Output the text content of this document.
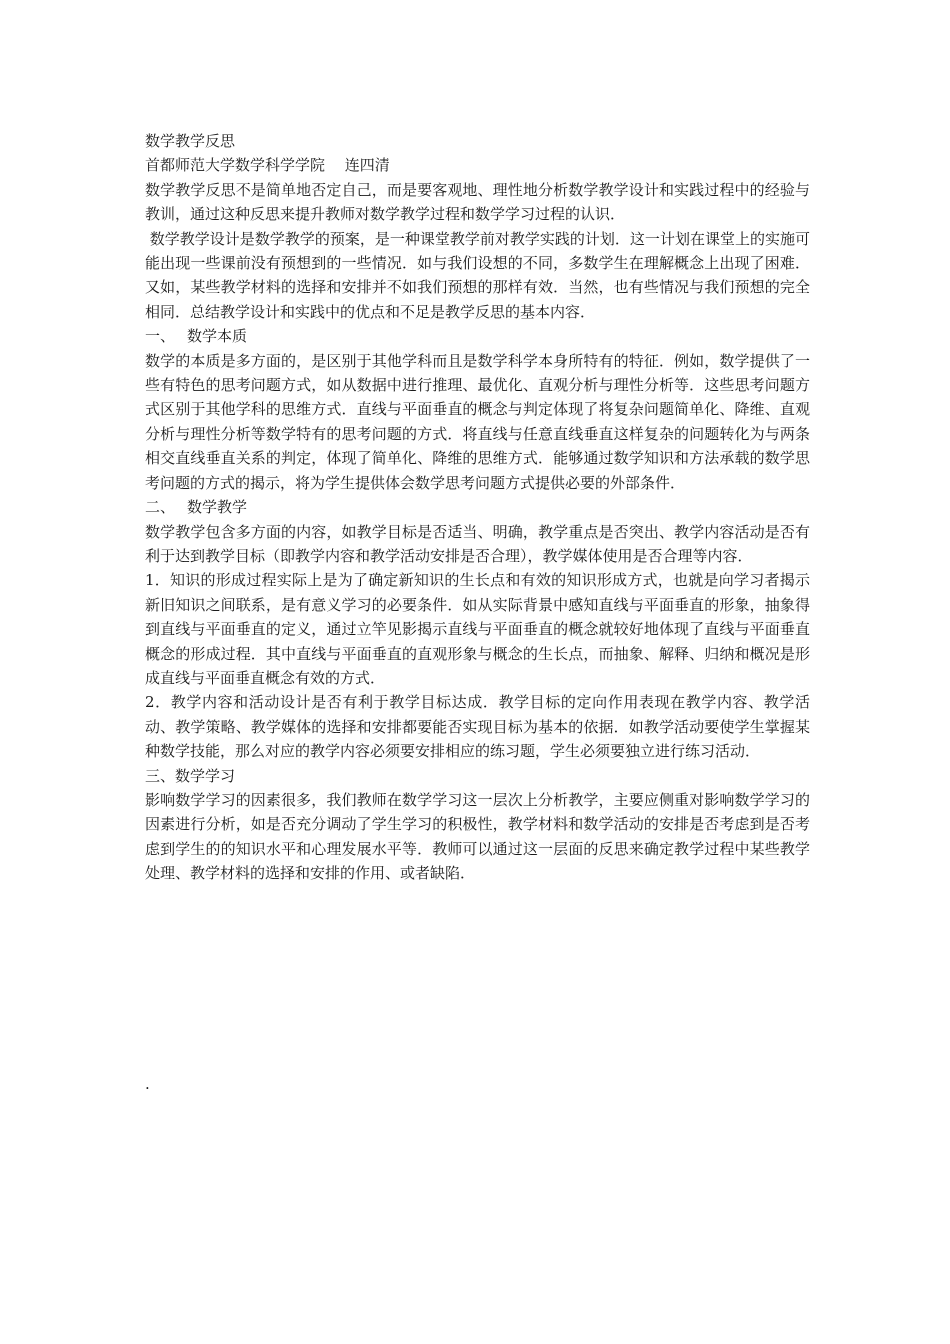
数学教学反思

首都师范大学数学科学学院　 连四清

数学教学反思不是简单地否定自己，而是要客观地、理性地分析数学教学设计和实践过程中的经验与教训，通过这种反思来提升教师对数学教学过程和数学学习过程的认识．

数学教学设计是数学教学的预案，是一种课堂教学前对教学实践的计划．这一计划在课堂上的实施可能出现一些课前没有预想到的一些情况．如与我们设想的不同，多数学生在理解概念上出现了困难．又如，某些教学材料的选择和安排并不如我们预想的那样有效．当然，也有些情况与我们预想的完全相同．总结教学设计和实践中的优点和不足是教学反思的基本内容．

一、 数学本质

数学的本质是多方面的，是区别于其他学科而且是数学科学本身所特有的特征．例如，数学提供了一些有特色的思考问题方式，如从数据中进行推理、最优化、直观分析与理性分析等．这些思考问题方式区别于其他学科的思维方式．直线与平面垂直的概念与判定体现了将复杂问题简单化、降维、直观分析与理性分析等数学特有的思考问题的方式．将直线与任意直线垂直这样复杂的问题转化为与两条相交直线垂直关系的判定，体现了简单化、降维的思维方式．能够通过数学知识和方法承载的数学思考问题的方式的揭示，将为学生提供体会数学思考问题方式提供必要的外部条件．

二、 数学教学

数学教学包含多方面的内容，如教学目标是否适当、明确，教学重点是否突出、教学内容活动是否有利于达到教学目标（即教学内容和教学活动安排是否合理），教学媒体使用是否合理等内容．

1．知识的形成过程实际上是为了确定新知识的生长点和有效的知识形成方式，也就是向学习者揭示新旧知识之间联系，是有意义学习的必要条件．如从实际背景中感知直线与平面垂直的形象，抽象得到直线与平面垂直的定义，通过立竿见影揭示直线与平面垂直的概念就较好地体现了直线与平面垂直概念的形成过程．其中直线与平面垂直的直观形象与概念的生长点，而抽象、解释、归纳和概况是形成直线与平面垂直概念有效的方式．

2．教学内容和活动设计是否有利于教学目标达成．教学目标的定向作用表现在教学内容、教学活动、教学策略、教学媒体的选择和安排都要能否实现目标为基本的依据．如教学活动要使学生掌握某种数学技能，那么对应的教学内容必须要安排相应的练习题，学生必须要独立进行练习活动．

三、数学学习

影响数学学习的因素很多，我们教师在数学学习这一层次上分析教学，主要应侧重对影响数学学习的因素进行分析，如是否充分调动了学生学习的积极性，教学材料和数学活动的安排是否考虑到是否考虑到学生的的知识水平和心理发展水平等．教师可以通过这一层面的反思来确定教学过程中某些教学处理、教学材料的选择和安排的作用、或者缺陷．

.
